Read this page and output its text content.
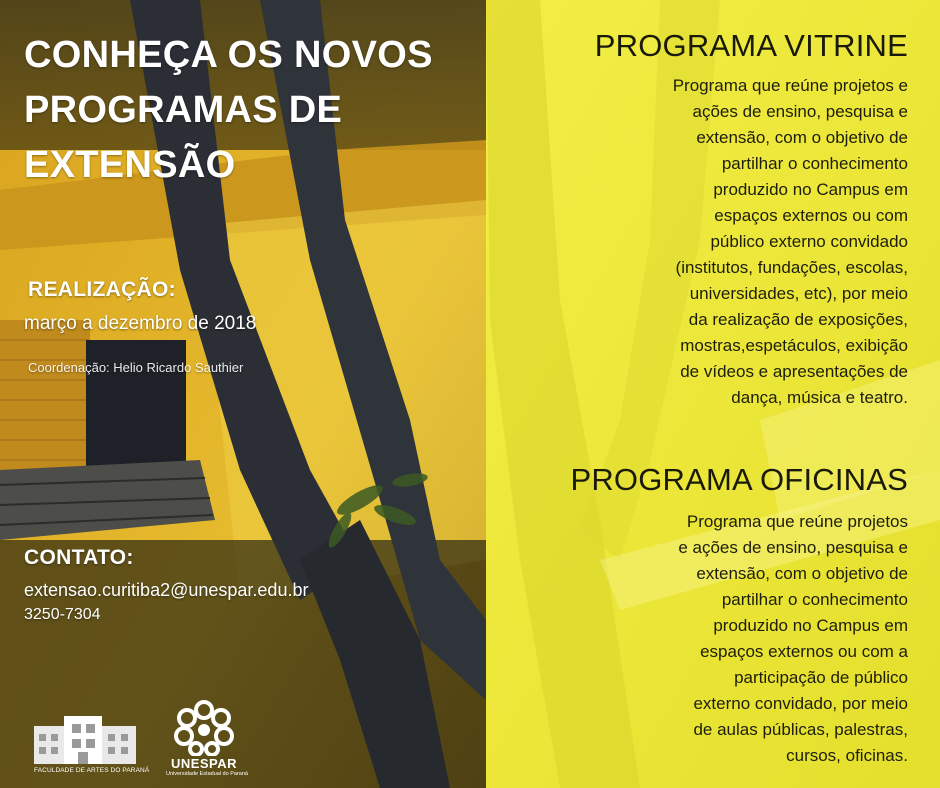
CONHEÇA OS NOVOS
PROGRAMAS DE
EXTENSÃO
REALIZAÇÃO:
março a dezembro de 2018
Coordenação: Helio Ricardo Sauthier
CONTATO:
extensao.curitiba2@unespar.edu.br
3250-7304
FACULDADE DE ARTES DO PARANÁ	UNESPAR
Universidade Estadual do Paraná
PROGRAMA VITRINE

Programa que reúne projetos e
ações de ensino, pesquisa e
extensão, com o objetivo de
partilhar o conhecimento
produzido no Campus em
espaços externos ou com
público externo convidado
(institutos, fundações, escolas,
universidades, etc), por meio
da realização de exposições,
mostras,espetáculos, exibição
de vídeos e apresentações de
dança, música e teatro.

PROGRAMA OFICINAS

Programa que reúne projetos
e ações de ensino, pesquisa e
extensão, com o objetivo de
partilhar o conhecimento
produzido no Campus em
espaços externos ou com a
participação de público
externo convidado, por meio
de aulas públicas, palestras,
cursos, oficinas.
